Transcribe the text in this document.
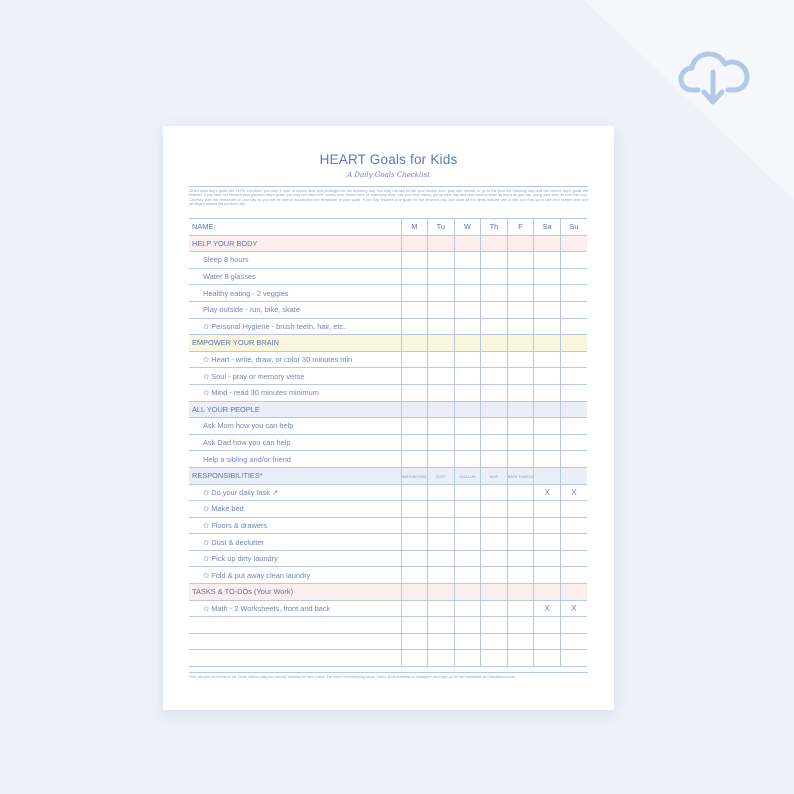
HEART Goals for Kids
A Daily Goals Checklist
When each day's goals are 100% complete, you earn 1 hour of screen time and privileges for the following day. You may not ask to use your screen time, play with friends, or go to the pool the following day until the current day's goals are finished. If you have not finished your previous day's goals, you may not have ANY screen time, theme time, or swimming time. Use your time wisely, get up each day and work hard to finish as much as you can, doing your work as unto the Lord. Carefully plan the remainder of your day so you will be able to accomplish the remainder of your goals. If you had finished your goals for the previous day, and done all the items marked with a star, you may go to use your screen time and privileges earned the previous day.
NAME:	M	Tu	W	Th	F	Sa	Su
HELP YOUR BODY							
Sleep 8 hours							
Water 8 glasses							
Healthy eating - 2 veggies							
Play outside - run, bike, skate							
✩ Personal Hygiene - brush teeth, hair, etc.							
EMPOWER YOUR BRAIN							
✩ Heart - write, draw, or color 30 minutes min							
✩ Soul - pray or memory verse							
✩ Mind - read 30 minutes minimum							
ALL YOUR PEOPLE							
Ask Mom how you can help							
Ask Dad how you can help							
Help a sibling and/or friend							
RESPONSIBILITIES*	BATH-ROOMS	DUST	VACU-UM	MOP	BATH TOWELS		
✩ Do your daily task ↗						X	X
✩ Make bed							
✩ Floors & drawers							
✩ Dust & declutter							
✩ Pick up dirty laundry							
✩ Fold & put away clean laundry							
TASKS & TO-DOs (Your Work)							
✩ Math - 2 Worksheets, front and back						X	X

*We use and recommend the Clean Mama daily and weekly routines for your home. For more homekeeping ideas, follow @cleanmama on Instagram and sign up for the newsletter at CleanMama.com.
